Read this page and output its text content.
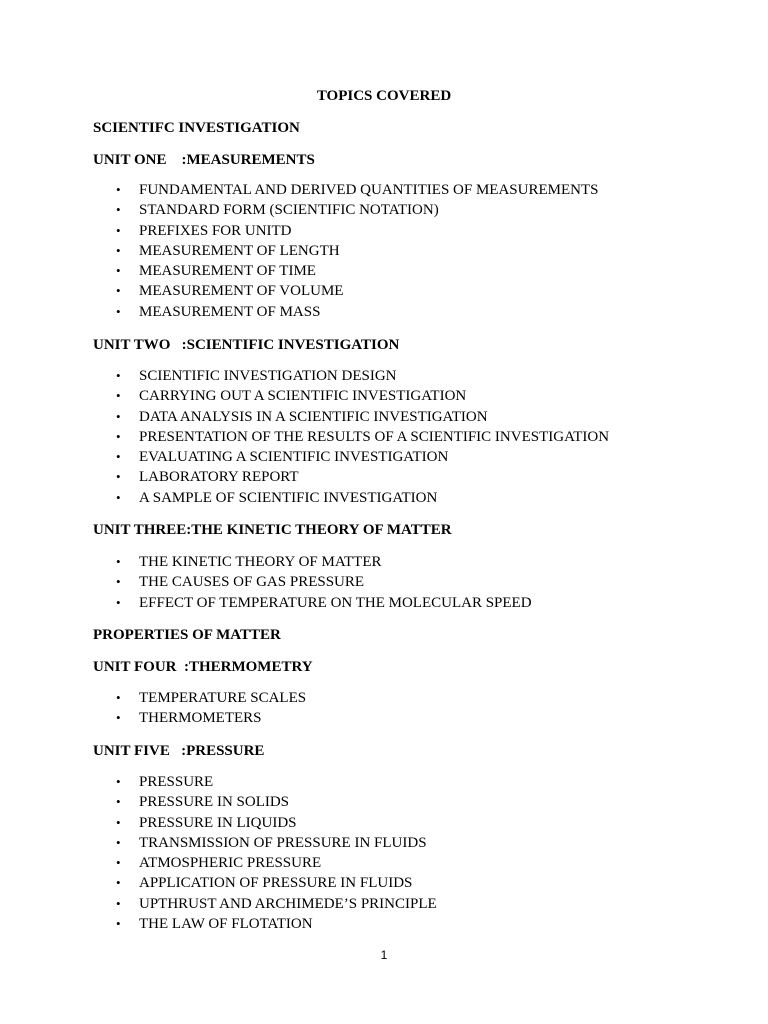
TOPICS COVERED
SCIENTIFC INVESTIGATION
UNIT ONE    :MEASUREMENTS
• FUNDAMENTAL AND DERIVED QUANTITIES OF MEASUREMENTS
• STANDARD FORM (SCIENTIFIC NOTATION)
• PREFIXES FOR UNITD
• MEASUREMENT OF LENGTH
• MEASUREMENT OF TIME
• MEASUREMENT OF VOLUME
• MEASUREMENT OF MASS
UNIT TWO   :SCIENTIFIC INVESTIGATION
• SCIENTIFIC INVESTIGATION DESIGN
• CARRYING OUT A SCIENTIFIC INVESTIGATION
• DATA ANALYSIS IN A SCIENTIFIC INVESTIGATION
• PRESENTATION OF THE RESULTS OF A SCIENTIFIC INVESTIGATION
• EVALUATING A SCIENTIFIC INVESTIGATION
• LABORATORY REPORT
• A SAMPLE OF SCIENTIFIC INVESTIGATION
UNIT THREE:THE KINETIC THEORY OF MATTER
• THE KINETIC THEORY OF MATTER
• THE CAUSES OF GAS PRESSURE
• EFFECT OF TEMPERATURE ON THE MOLECULAR SPEED
PROPERTIES OF MATTER
UNIT FOUR  :THERMOMETRY
• TEMPERATURE SCALES
• THERMOMETERS
UNIT FIVE   :PRESSURE
• PRESSURE
• PRESSURE IN SOLIDS
• PRESSURE IN LIQUIDS
• TRANSMISSION OF PRESSURE IN FLUIDS
• ATMOSPHERIC PRESSURE
• APPLICATION OF PRESSURE IN FLUIDS
• UPTHRUST AND ARCHIMEDE’S PRINCIPLE
• THE LAW OF FLOTATION
1
